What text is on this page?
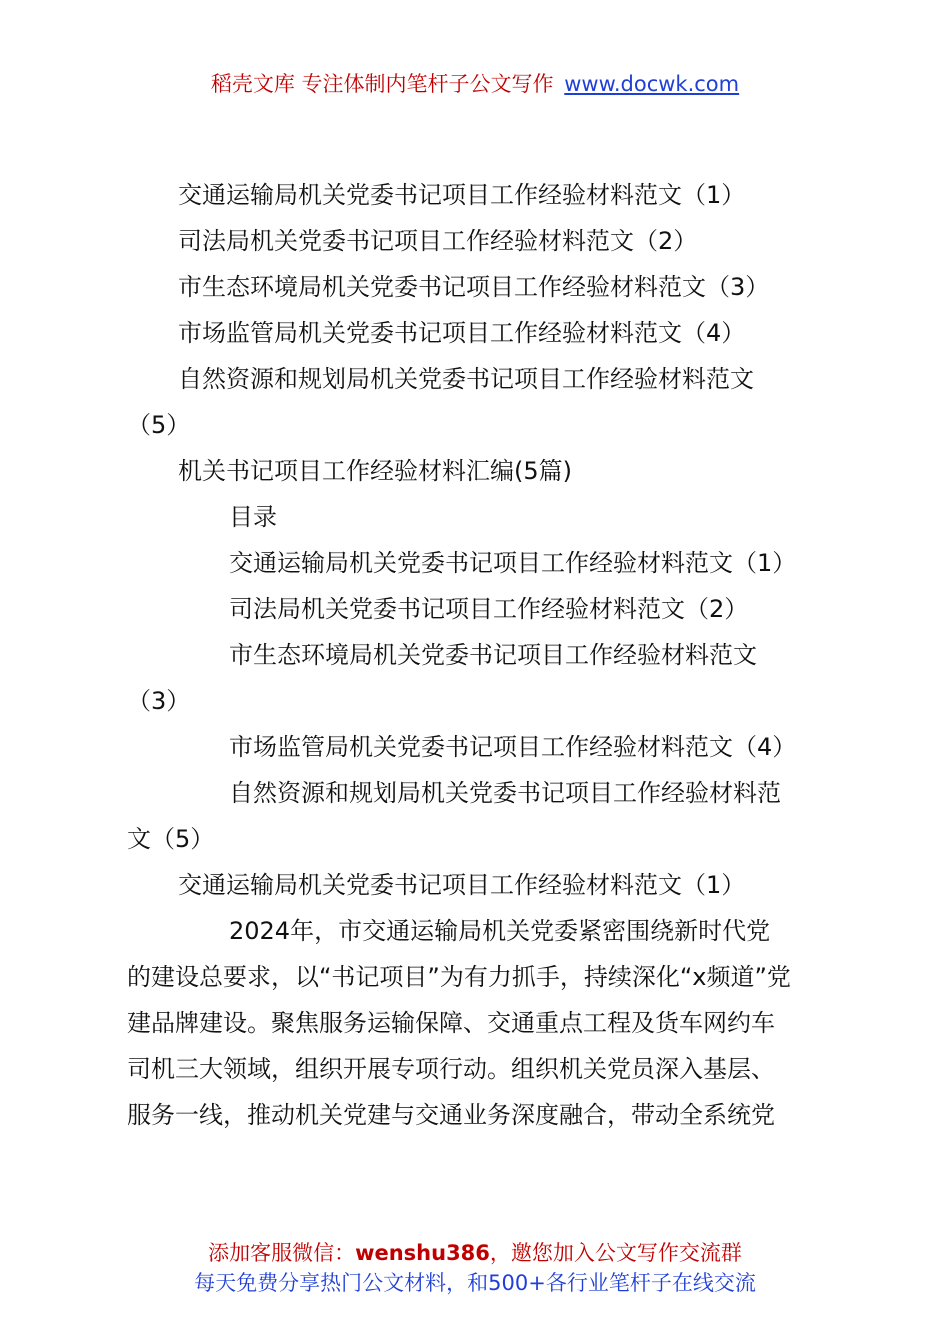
稻壳文库 专注体制内笔杆子公文写作 www.docwk.com
交通运输局机关党委书记项目工作经验材料范文（1）
司法局机关党委书记项目工作经验材料范文（2）
市生态环境局机关党委书记项目工作经验材料范文（3）
市场监管局机关党委书记项目工作经验材料范文（4）
自然资源和规划局机关党委书记项目工作经验材料范文
（5）
机关书记项目工作经验材料汇编(5篇)
目录
交通运输局机关党委书记项目工作经验材料范文（1）
司法局机关党委书记项目工作经验材料范文（2）
市生态环境局机关党委书记项目工作经验材料范文
（3）
市场监管局机关党委书记项目工作经验材料范文（4）
自然资源和规划局机关党委书记项目工作经验材料范
文（5）
交通运输局机关党委书记项目工作经验材料范文（1）
2024年，市交通运输局机关党委紧密围绕新时代党
的建设总要求，以“书记项目”为有力抓手，持续深化“x频道”党
建品牌建设。聚焦服务运输保障、交通重点工程及货车网约车
司机三大领域，组织开展专项行动。组织机关党员深入基层、
服务一线，推动机关党建与交通业务深度融合，带动全系统党
添加客服微信：wenshu386，邀您加入公文写作交流群
每天免费分享热门公文材料，和500+各行业笔杆子在线交流
